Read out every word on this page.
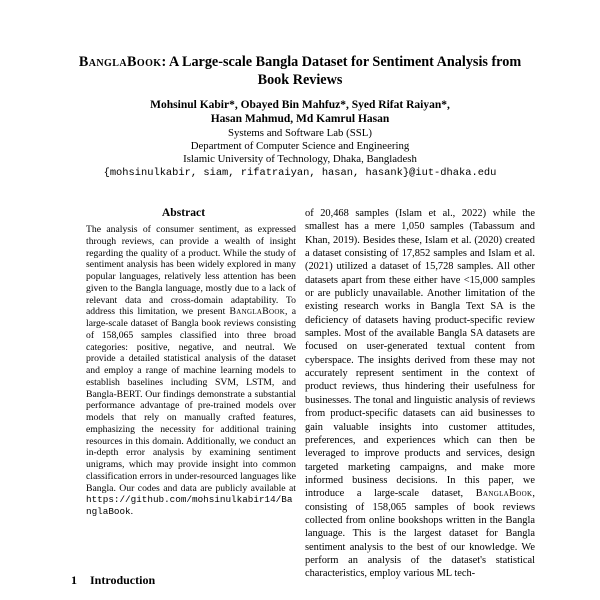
BanglaBook: A Large-scale Bangla Dataset for Sentiment Analysis from Book Reviews
Mohsinul Kabir*, Obayed Bin Mahfuz*, Syed Rifat Raiyan*,
Hasan Mahmud, Md Kamrul Hasan
Systems and Software Lab (SSL)
Department of Computer Science and Engineering
Islamic University of Technology, Dhaka, Bangladesh
{mohsinulkabir, siam, rifatraiyan, hasan, hasank}@iut-dhaka.edu
Abstract
The analysis of consumer sentiment, as expressed through reviews, can provide a wealth of insight regarding the quality of a product. While the study of sentiment analysis has been widely explored in many popular languages, relatively less attention has been given to the Bangla language, mostly due to a lack of relevant data and cross-domain adaptability. To address this limitation, we present BanglaBook, a large-scale dataset of Bangla book reviews consisting of 158,065 samples classified into three broad categories: positive, negative, and neutral. We provide a detailed statistical analysis of the dataset and employ a range of machine learning models to establish baselines including SVM, LSTM, and Bangla-BERT. Our findings demonstrate a substantial performance advantage of pre-trained models over models that rely on manually crafted features, emphasizing the necessity for additional training resources in this domain. Additionally, we conduct an in-depth error analysis by examining sentiment unigrams, which may provide insight into common classification errors in under-resourced languages like Bangla. Our codes and data are publicly available at https://github.com/mohsinulkabir14/BanglaBook.
1 Introduction
of 20,468 samples (Islam et al., 2022) while the smallest has a mere 1,050 samples (Tabassum and Khan, 2019). Besides these, Islam et al. (2020) created a dataset consisting of 17,852 samples and Islam et al. (2021) utilized a dataset of 15,728 samples. All other datasets apart from these either have <15,000 samples or are publicly unavailable. Another limitation of the existing research works in Bangla Text SA is the deficiency of datasets having product-specific review samples. Most of the available Bangla SA datasets are focused on user-generated textual content from cyberspace. The insights derived from these may not accurately represent sentiment in the context of product reviews, thus hindering their usefulness for businesses. The tonal and linguistic analysis of reviews from product-specific datasets can aid businesses to gain valuable insights into customer attitudes, preferences, and experiences which can then be leveraged to improve products and services, design targeted marketing campaigns, and make more informed business decisions. In this paper, we introduce a large-scale dataset, BanglaBook, consisting of 158,065 samples of book reviews collected from online bookshops written in the Bangla language. This is the largest dataset for Bangla sentiment analysis to the best of our knowledge. We perform an analysis of the dataset's statistical characteristics, employ various ML tech-
